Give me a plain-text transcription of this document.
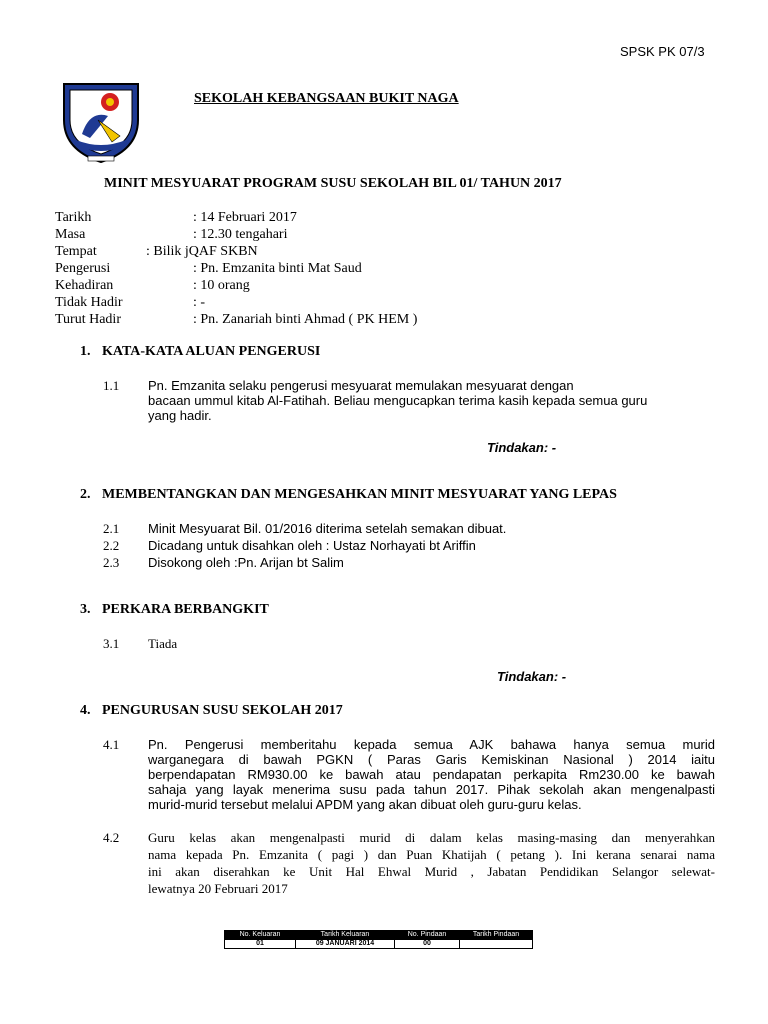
SPSK PK 07/3
SEKOLAH KEBANGSAAN BUKIT NAGA
MINIT MESYUARAT PROGRAM SUSU SEKOLAH BIL 01/ TAHUN 2017
Tarikh	: 14 Februari 2017
Masa	: 12.30 tengahari
Tempat	: Bilik jQAF SKBN
Pengerusi	: Pn. Emzanita binti Mat Saud
Kehadiran	: 10 orang
Tidak Hadir	: -
Turut Hadir	: Pn. Zanariah binti Ahmad ( PK HEM )
1. KATA-KATA ALUAN PENGERUSI
1.1 Pn. Emzanita selaku pengerusi mesyuarat memulakan mesyuarat dengan
bacaan ummul kitab Al-Fatihah. Beliau mengucapkan terima kasih kepada semua guru
yang hadir.
Tindakan: -
2. MEMBENTANGKAN DAN MENGESAHKAN MINIT MESYUARAT YANG LEPAS
2.1 Minit Mesyuarat Bil. 01/2016 diterima setelah semakan dibuat.
2.2 Dicadang untuk disahkan oleh : Ustaz Norhayati bt Ariffin
2.3 Disokong oleh :Pn. Arijan bt Salim
3. PERKARA BERBANGKIT
3.1 Tiada
Tindakan: -
4. PENGURUSAN SUSU SEKOLAH 2017
4.1 Pn. Pengerusi memberitahu kepada semua AJK bahawa hanya semua murid
warganegara di bawah PGKN ( Paras Garis Kemiskinan Nasional ) 2014 iaitu
berpendapatan RM930.00 ke bawah atau pendapatan perkapita Rm230.00 ke bawah
sahaja yang layak menerima susu pada tahun 2017. Pihak sekolah akan mengenalpasti
murid-murid tersebut melalui APDM yang akan dibuat oleh guru-guru kelas.
4.2 Guru kelas akan mengenalpasti murid di dalam kelas masing-masing dan menyerahkan
nama kepada Pn. Emzanita ( pagi ) dan Puan Khatijah ( petang ). Ini kerana senarai nama
ini akan diserahkan ke Unit Hal Ehwal Murid , Jabatan Pendidikan Selangor selewat-
lewatnya 20 Februari 2017
No. Keluaran	Tarikh Keluaran	No. Pindaan	Tarikh Pindaan
01	09 JANUARI 2014	00	
